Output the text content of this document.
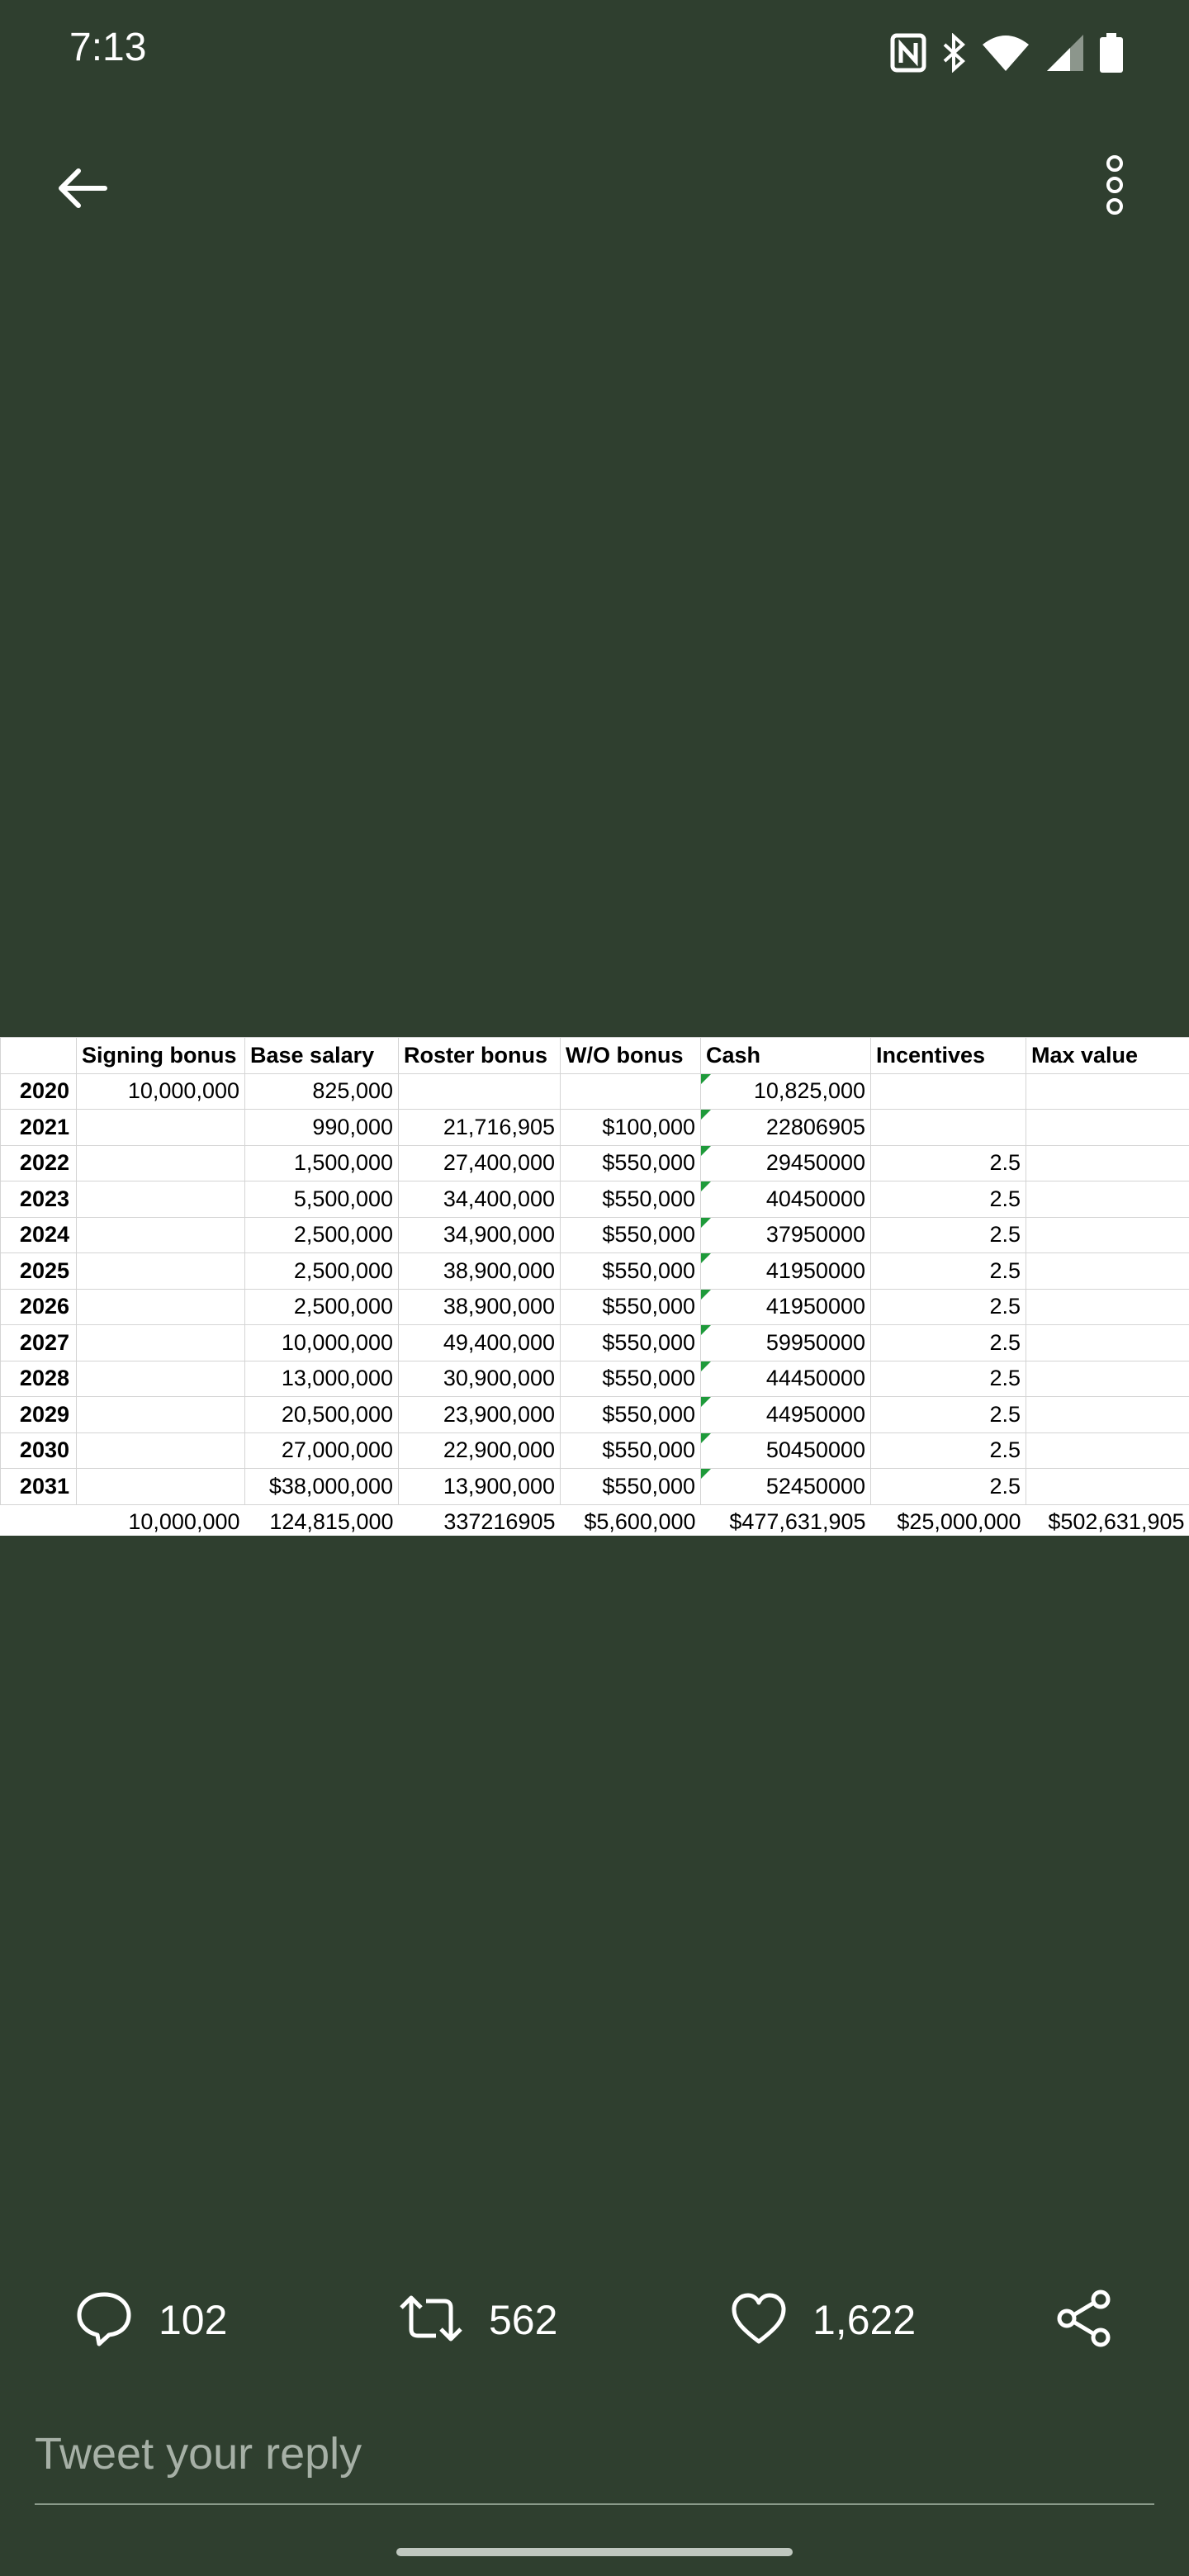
7:13
	Signing bonus	Base salary	Roster bonus	W/O bonus	Cash	Incentives	Max value
2020	10,000,000	825,000			10,825,000		
2021		990,000	21,716,905	$100,000	22806905		
2022		1,500,000	27,400,000	$550,000	29450000	2.5	
2023		5,500,000	34,400,000	$550,000	40450000	2.5	
2024		2,500,000	34,900,000	$550,000	37950000	2.5	
2025		2,500,000	38,900,000	$550,000	41950000	2.5	
2026		2,500,000	38,900,000	$550,000	41950000	2.5	
2027		10,000,000	49,400,000	$550,000	59950000	2.5	
2028		13,000,000	30,900,000	$550,000	44450000	2.5	
2029		20,500,000	23,900,000	$550,000	44950000	2.5	
2030		27,000,000	22,900,000	$550,000	50450000	2.5	
2031		$38,000,000	13,900,000	$550,000	52450000	2.5	
	10,000,000	124,815,000	337216905	$5,600,000	$477,631,905	$25,000,000	$502,631,905
102	562	1,622
Tweet your reply
